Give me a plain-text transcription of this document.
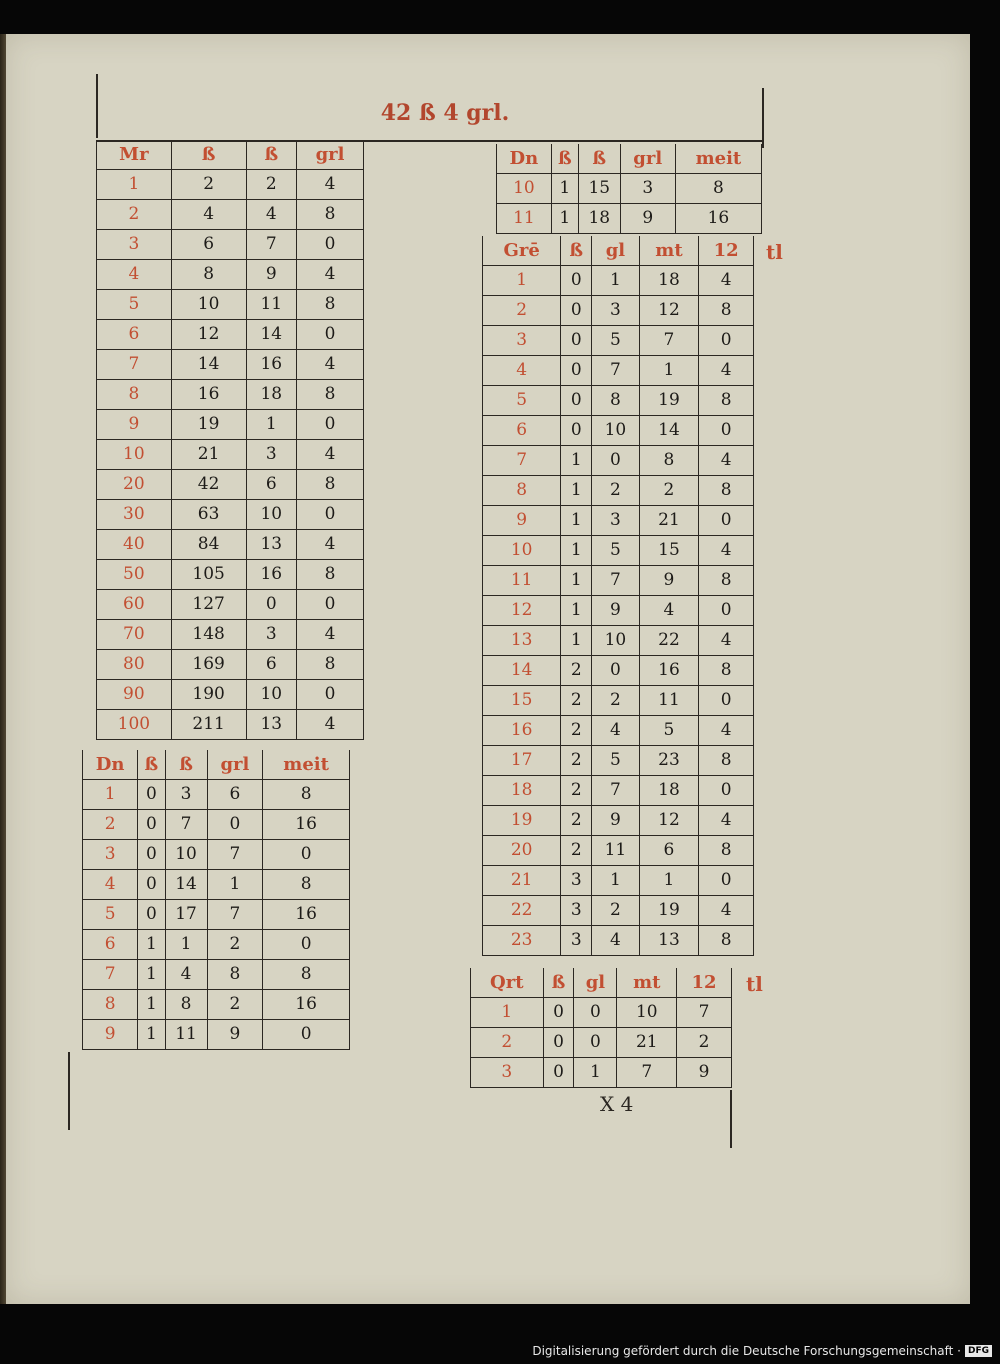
42 ß 4 grl.
Mr	ß	ß	grl
1	2	2	4
2	4	4	8
3	6	7	0
4	8	9	4
5	10	11	8
6	12	14	0
7	14	16	4
8	16	18	8
9	19	1	0
10	21	3	4
20	42	6	8
30	63	10	0
40	84	13	4
50	105	16	8
60	127	0	0
70	148	3	4
80	169	6	8
90	190	10	0
100	211	13	4
Dn	ß	ß	grl	meit
1	0	3	6	8
2	0	7	0	16
3	0	10	7	0
4	0	14	1	8
5	0	17	7	16
6	1	1	2	0
7	1	4	8	8
8	1	8	2	16
9	1	11	9	0
Dn	ß	ß	grl	meit
10	1	15	3	8
11	1	18	9	16
Grē	ß	gl	mt	12
1	0	1	18	4
2	0	3	12	8
3	0	5	7	0
4	0	7	1	4
5	0	8	19	8
6	0	10	14	0
7	1	0	8	4
8	1	2	2	8
9	1	3	21	0
10	1	5	15	4
11	1	7	9	8
12	1	9	4	0
13	1	10	22	4
14	2	0	16	8
15	2	2	11	0
16	2	4	5	4
17	2	5	23	8
18	2	7	18	0
19	2	9	12	4
20	2	11	6	8
21	3	1	1	0
22	3	2	19	4
23	3	4	13	8
Qrt	ß	gl	mt	12
1	0	0	10	7
2	0	0	21	2
3	0	1	7	9
tl
tl
X 4
Digitalisierung gefördert durch die Deutsche Forschungsgemeinschaft · DFG
